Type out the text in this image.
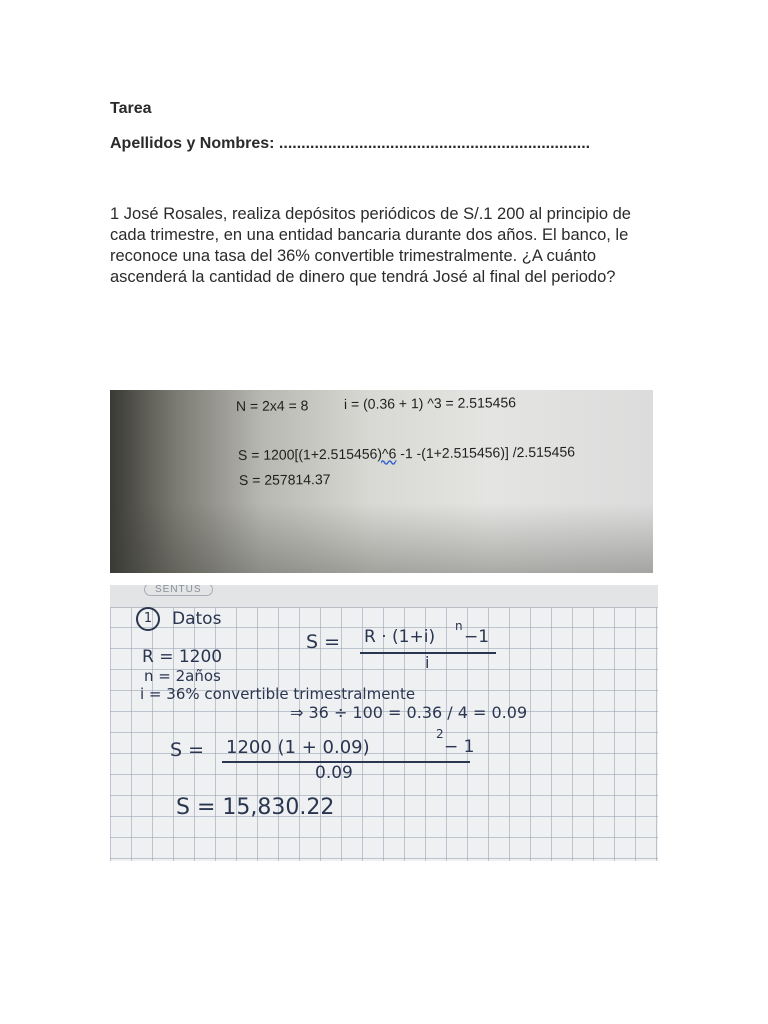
Tarea

Apellidos y Nombres: ......................................................................

1 José Rosales, realiza depósitos periódicos de S/.1 200 al principio de cada trimestre, en una entidad bancaria durante dos años. El banco, le reconoce una tasa del 36% convertible trimestralmente. ¿A cuánto ascenderá la cantidad de dinero que tendrá José al final del periodo?

N = 2x4 = 8	i = (0.36 + 1) ^3 = 2.515456

S = 1200[(1+2.515456)^6 -1 -(1+2.515456)] /2.515456

S = 257814.37

SENTUS
1	Datos

S = R · (1+i)

n

−1

i

R = 1200

n = 2años

i = 36% convertible trimestralmente

⇒ 36 ÷ 100 = 0.36 / 4 = 0.09

S = 1200 (1 + 0.09)

2

− 1

0.09

S = 15,830.22
